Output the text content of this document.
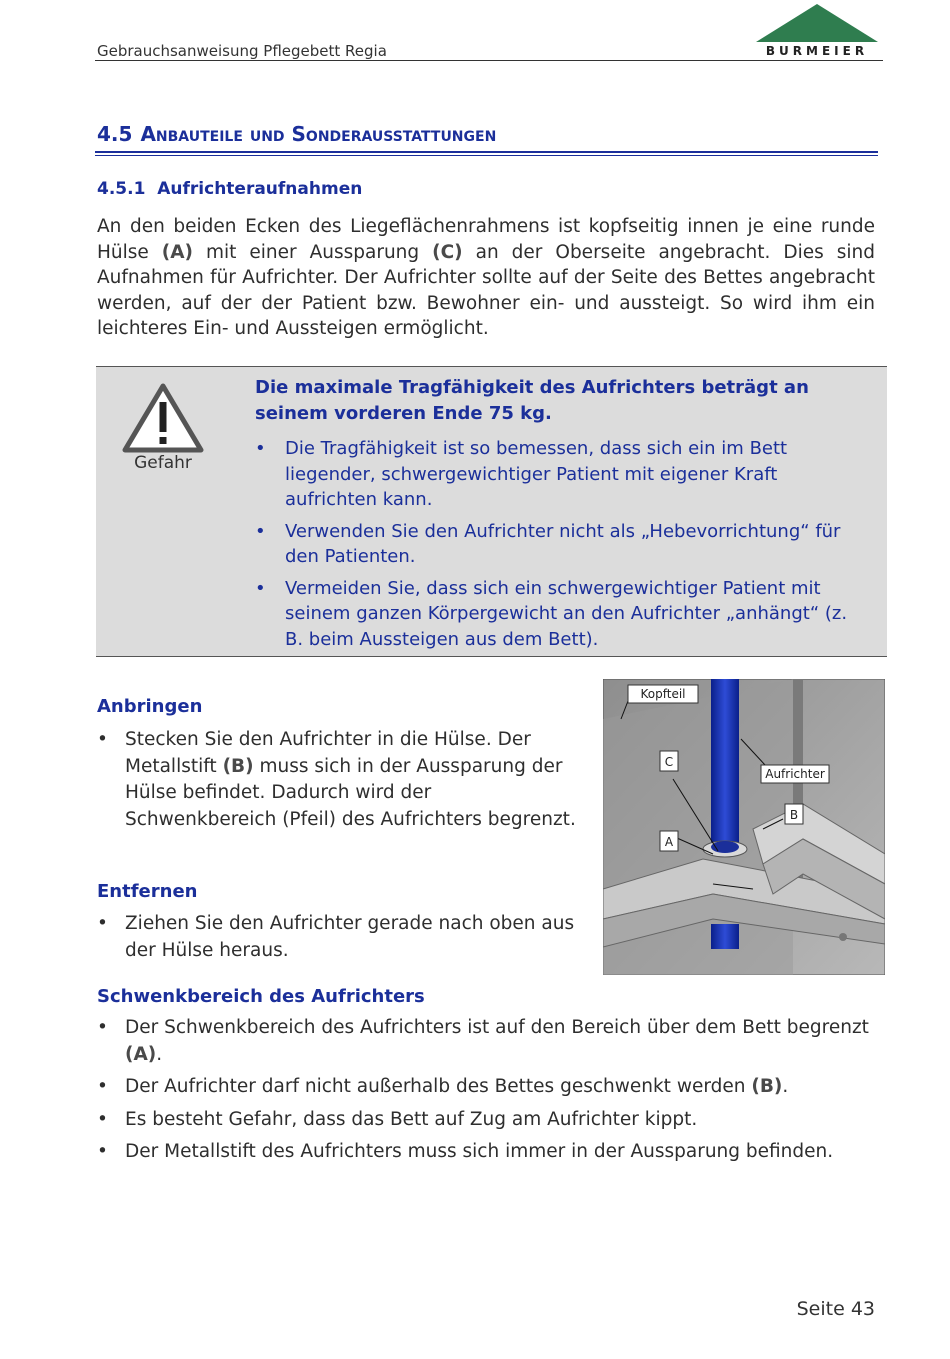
Gebrauchsanweisung Pflegebett Regia	BURMEIER
4.5 Anbauteile und Sonderausstattungen
4.5.1 Aufrichteraufnahmen
An den beiden Ecken des Liegeflächenrahmens ist kopfseitig innen je eine runde Hülse (A) mit einer Aussparung (C) an der Oberseite angebracht. Dies sind Aufnahmen für Aufrichter. Der Aufrichter sollte auf der Seite des Bettes angebracht werden, auf der der Patient bzw. Bewohner ein- und aussteigt. So wird ihm ein leichteres Ein- und Aussteigen ermöglicht.
Gefahr
Die maximale Tragfähigkeit des Aufrichters beträgt an seinem vorderen Ende 75 kg.
• Die Tragfähigkeit ist so bemessen, dass sich ein im Bett liegender, schwergewichtiger Patient mit eigener Kraft aufrichten kann.
• Verwenden Sie den Aufrichter nicht als „Hebevorrichtung“ für den Patienten.
• Vermeiden Sie, dass sich ein schwergewichtiger Patient mit seinem ganzen Körpergewicht an den Aufrichter „anhängt“ (z. B. beim Aussteigen aus dem Bett).
Anbringen
• Stecken Sie den Aufrichter in die Hülse. Der Metallstift (B) muss sich in der Aussparung der Hülse befindet. Dadurch wird der Schwenkbereich (Pfeil) des Aufrichters begrenzt.
Entfernen
• Ziehen Sie den Aufrichter gerade nach oben aus der Hülse heraus.
Kopfteil
Aufrichter
C
A
B
Schwenkbereich des Aufrichters
• Der Schwenkbereich des Aufrichters ist auf den Bereich über dem Bett begrenzt (A).
• Der Aufrichter darf nicht außerhalb des Bettes geschwenkt werden (B).
• Es besteht Gefahr, dass das Bett auf Zug am Aufrichter kippt.
• Der Metallstift des Aufrichters muss sich immer in der Aussparung befinden.
Seite 43
